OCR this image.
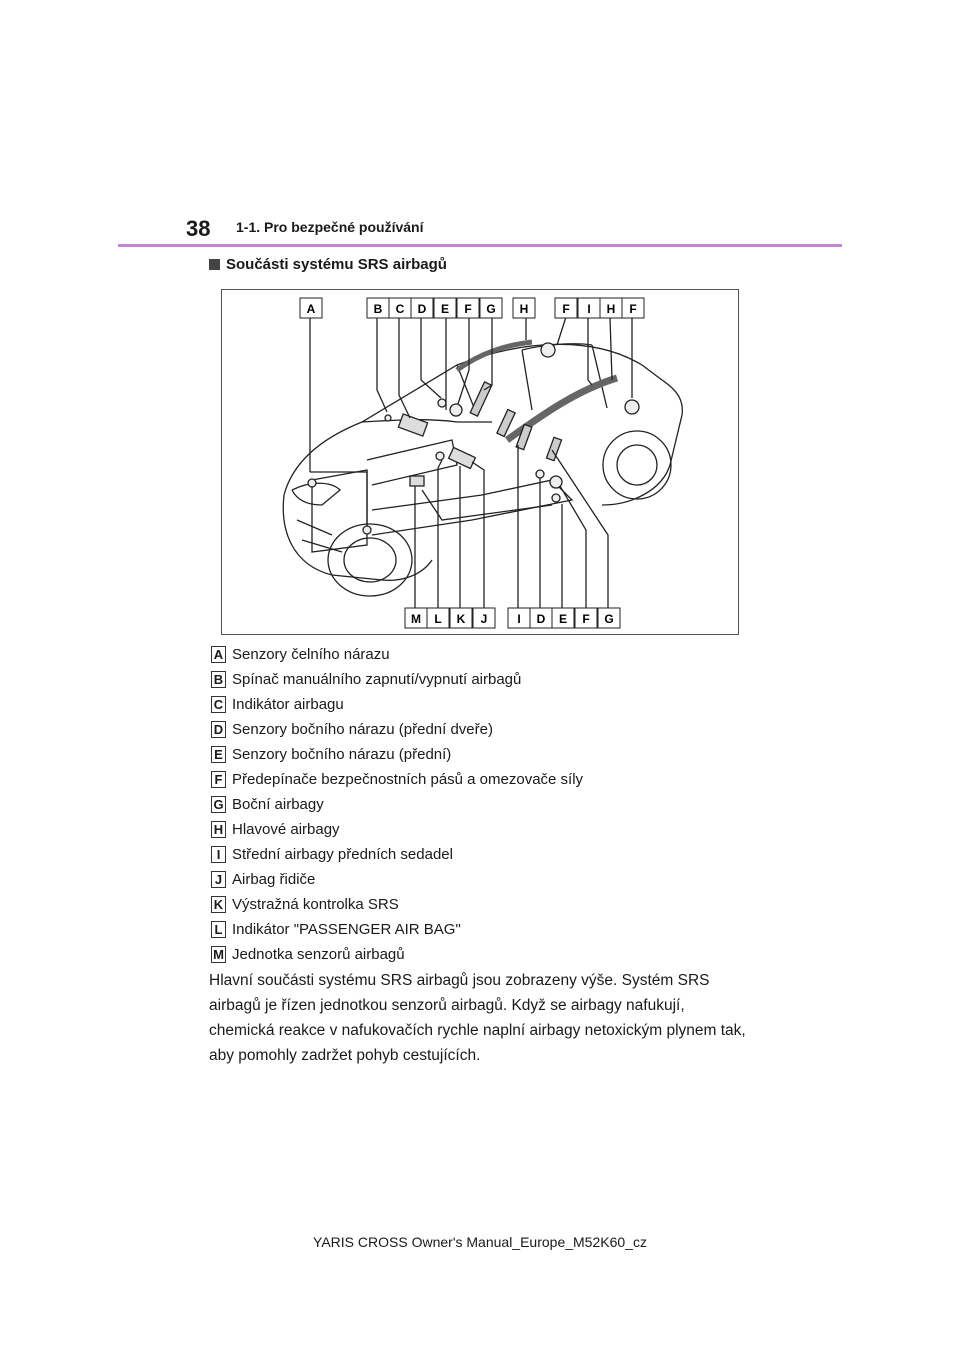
38 1-1. Pro bezpečné používání
Součásti systému SRS airbagů
A	B C D E F G H	F I H F
M L K J I D E F G
A Senzory čelního nárazu
B Spínač manuálního zapnutí/vypnutí airbagů
C Indikátor airbagu
D Senzory bočního nárazu (přední dveře)
E Senzory bočního nárazu (přední)
F Předepínače bezpečnostních pásů a omezovače síly
G Boční airbagy
H Hlavové airbagy
I Střední airbagy předních sedadel
J Airbag řidiče
K Výstražná kontrolka SRS
L Indikátor "PASSENGER AIR BAG"
M Jednotka senzorů airbagů
Hlavní součásti systému SRS airbagů jsou zobrazeny výše. Systém SRS airbagů je řízen jednotkou senzorů airbagů. Když se airbagy nafukují, chemická reakce v nafukovačích rychle naplní airbagy netoxickým plynem tak, aby pomohly zadržet pohyb cestujících.
YARIS CROSS Owner's Manual_Europe_M52K60_cz
